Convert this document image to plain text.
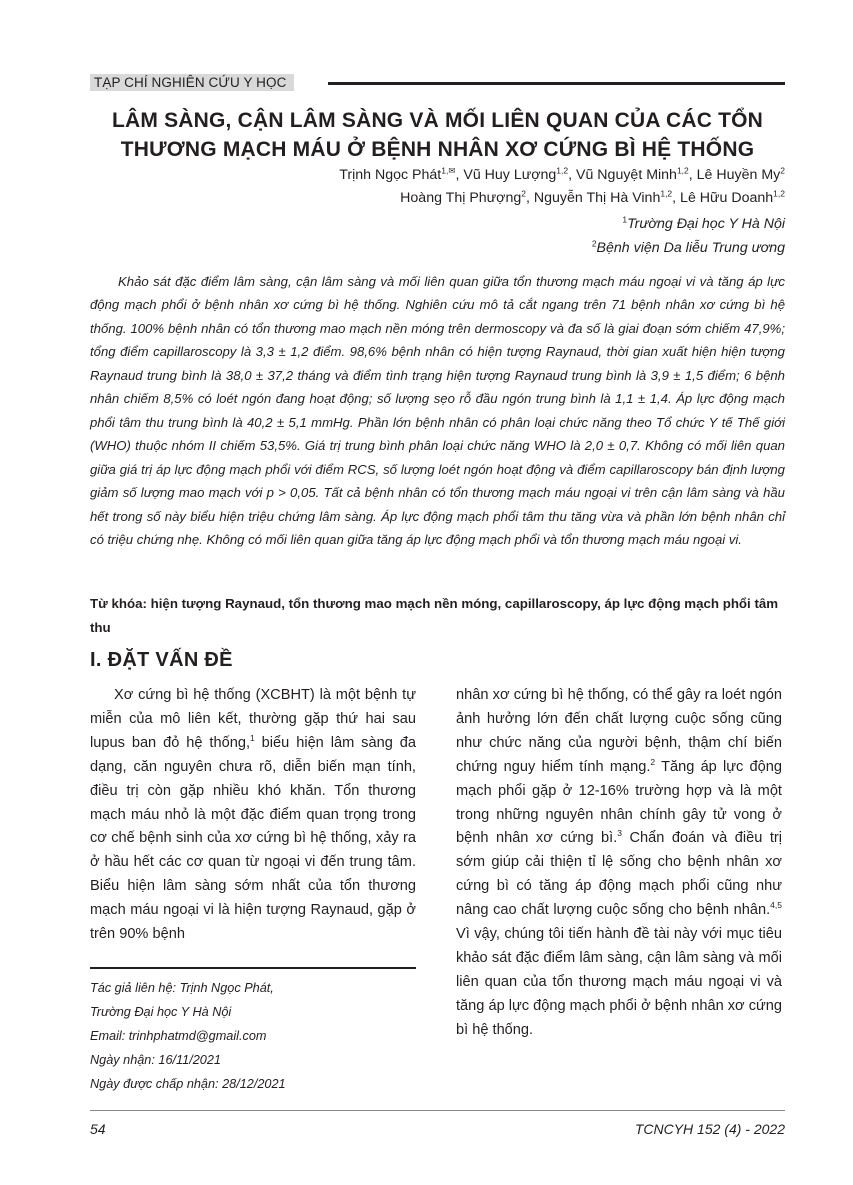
TẠP CHÍ NGHIÊN CỨU Y HỌC
LÂM SÀNG, CẬN LÂM SÀNG VÀ MỐI LIÊN QUAN CỦA CÁC TỔN
THƯƠNG MẠCH MÁU Ở BỆNH NHÂN XƠ CỨNG BÌ HỆ THỐNG
Trịnh Ngọc Phát$^{1,✉}$, Vũ Huy Lượng$^{1,2}$, Vũ Nguyệt Minh$^{1,2}$, Lê Huyền My$^2$
Hoàng Thị Phượng$^2$, Nguyễn Thị Hà Vinh$^{1,2}$, Lê Hữu Doanh$^{1,2}$
$^1$Trường Đại học Y Hà Nội
$^2$Bệnh viện Da liễu Trung ương
Khảo sát đặc điểm lâm sàng, cận lâm sàng và mối liên quan giữa tổn thương mạch máu ngoại vi và tăng áp lực động mạch phổi ở bệnh nhân xơ cứng bì hệ thống. Nghiên cứu mô tả cắt ngang trên 71 bệnh nhân xơ cứng bì hệ thống. 100% bệnh nhân có tổn thương mao mạch nền móng trên dermoscopy và đa số là giai đoạn sớm chiếm 47,9%; tổng điểm capillaroscopy là 3,3 ± 1,2 điểm. 98,6% bệnh nhân có hiện tượng Raynaud, thời gian xuất hiện hiện tượng Raynaud trung bình là 38,0 ± 37,2 tháng và điểm tình trạng hiện tượng Raynaud trung bình là 3,9 ± 1,5 điểm; 6 bệnh nhân chiếm 8,5% có loét ngón đang hoạt động; số lượng sẹo rỗ đầu ngón trung bình là 1,1 ± 1,4. Áp lực động mạch phổi tâm thu trung bình là 40,2 ± 5,1 mmHg. Phần lớn bệnh nhân có phân loại chức năng theo Tổ chức Y tế Thế giới (WHO) thuộc nhóm II chiếm 53,5%. Giá trị trung bình phân loại chức năng WHO là 2,0 ± 0,7. Không có mối liên quan giữa giá trị áp lực động mạch phổi với điểm RCS, số lượng loét ngón hoạt động và điểm capillaroscopy bán định lượng giảm số lượng mao mạch với p > 0,05. Tất cả bệnh nhân có tổn thương mạch máu ngoại vi trên cận lâm sàng và hầu hết trong số này biểu hiện triệu chứng lâm sàng. Áp lực động mạch phổi tâm thu tăng vừa và phần lớn bệnh nhân chỉ có triệu chứng nhẹ. Không có mối liên quan giữa tăng áp lực động mạch phổi và tổn thương mạch máu ngoại vi.
Từ khóa: hiện tượng Raynaud, tổn thương mao mạch nền móng, capillaroscopy, áp lực động mạch phổi tâm thu
I. ĐẶT VẤN ĐỀ
Xơ cứng bì hệ thống (XCBHT) là một bệnh tự miễn của mô liên kết, thường gặp thứ hai sau lupus ban đỏ hệ thống,$^1$ biểu hiện lâm sàng đa dạng, căn nguyên chưa rõ, diễn biến mạn tính, điều trị còn gặp nhiều khó khăn. Tổn thương mạch máu nhỏ là một đặc điểm quan trọng trong cơ chế bệnh sinh của xơ cứng bì hệ thống, xảy ra ở hầu hết các cơ quan từ ngoại vi đến trung tâm. Biểu hiện lâm sàng sớm nhất của tổn thương mạch máu ngoại vi là hiện tượng Raynaud, gặp ở trên 90% bệnh
nhân xơ cứng bì hệ thống, có thể gây ra loét ngón ảnh hưởng lớn đến chất lượng cuộc sống cũng như chức năng của người bệnh, thậm chí biến chứng nguy hiểm tính mạng.$^2$ Tăng áp lực động mạch phổi gặp ở 12-16% trường hợp và là một trong những nguyên nhân chính gây tử vong ở bệnh nhân xơ cứng bì.$^3$ Chẩn đoán và điều trị sớm giúp cải thiện tỉ lệ sống cho bệnh nhân xơ cứng bì có tăng áp động mạch phổi cũng như nâng cao chất lượng cuộc sống cho bệnh nhân.$^{4,5}$ Vì vậy, chúng tôi tiến hành đề tài này với mục tiêu khảo sát đặc điểm lâm sàng, cận lâm sàng và mối liên quan của tổn thương mạch máu ngoại vi và tăng áp lực động mạch phổi ở bệnh nhân xơ cứng bì hệ thống.
Tác giả liên hệ: Trịnh Ngọc Phát,
Trường Đại học Y Hà Nội
Email: trinhphatmd@gmail.com
Ngày nhận: 16/11/2021
Ngày được chấp nhận: 28/12/2021
54	TCNCYH 152 (4) - 2022
